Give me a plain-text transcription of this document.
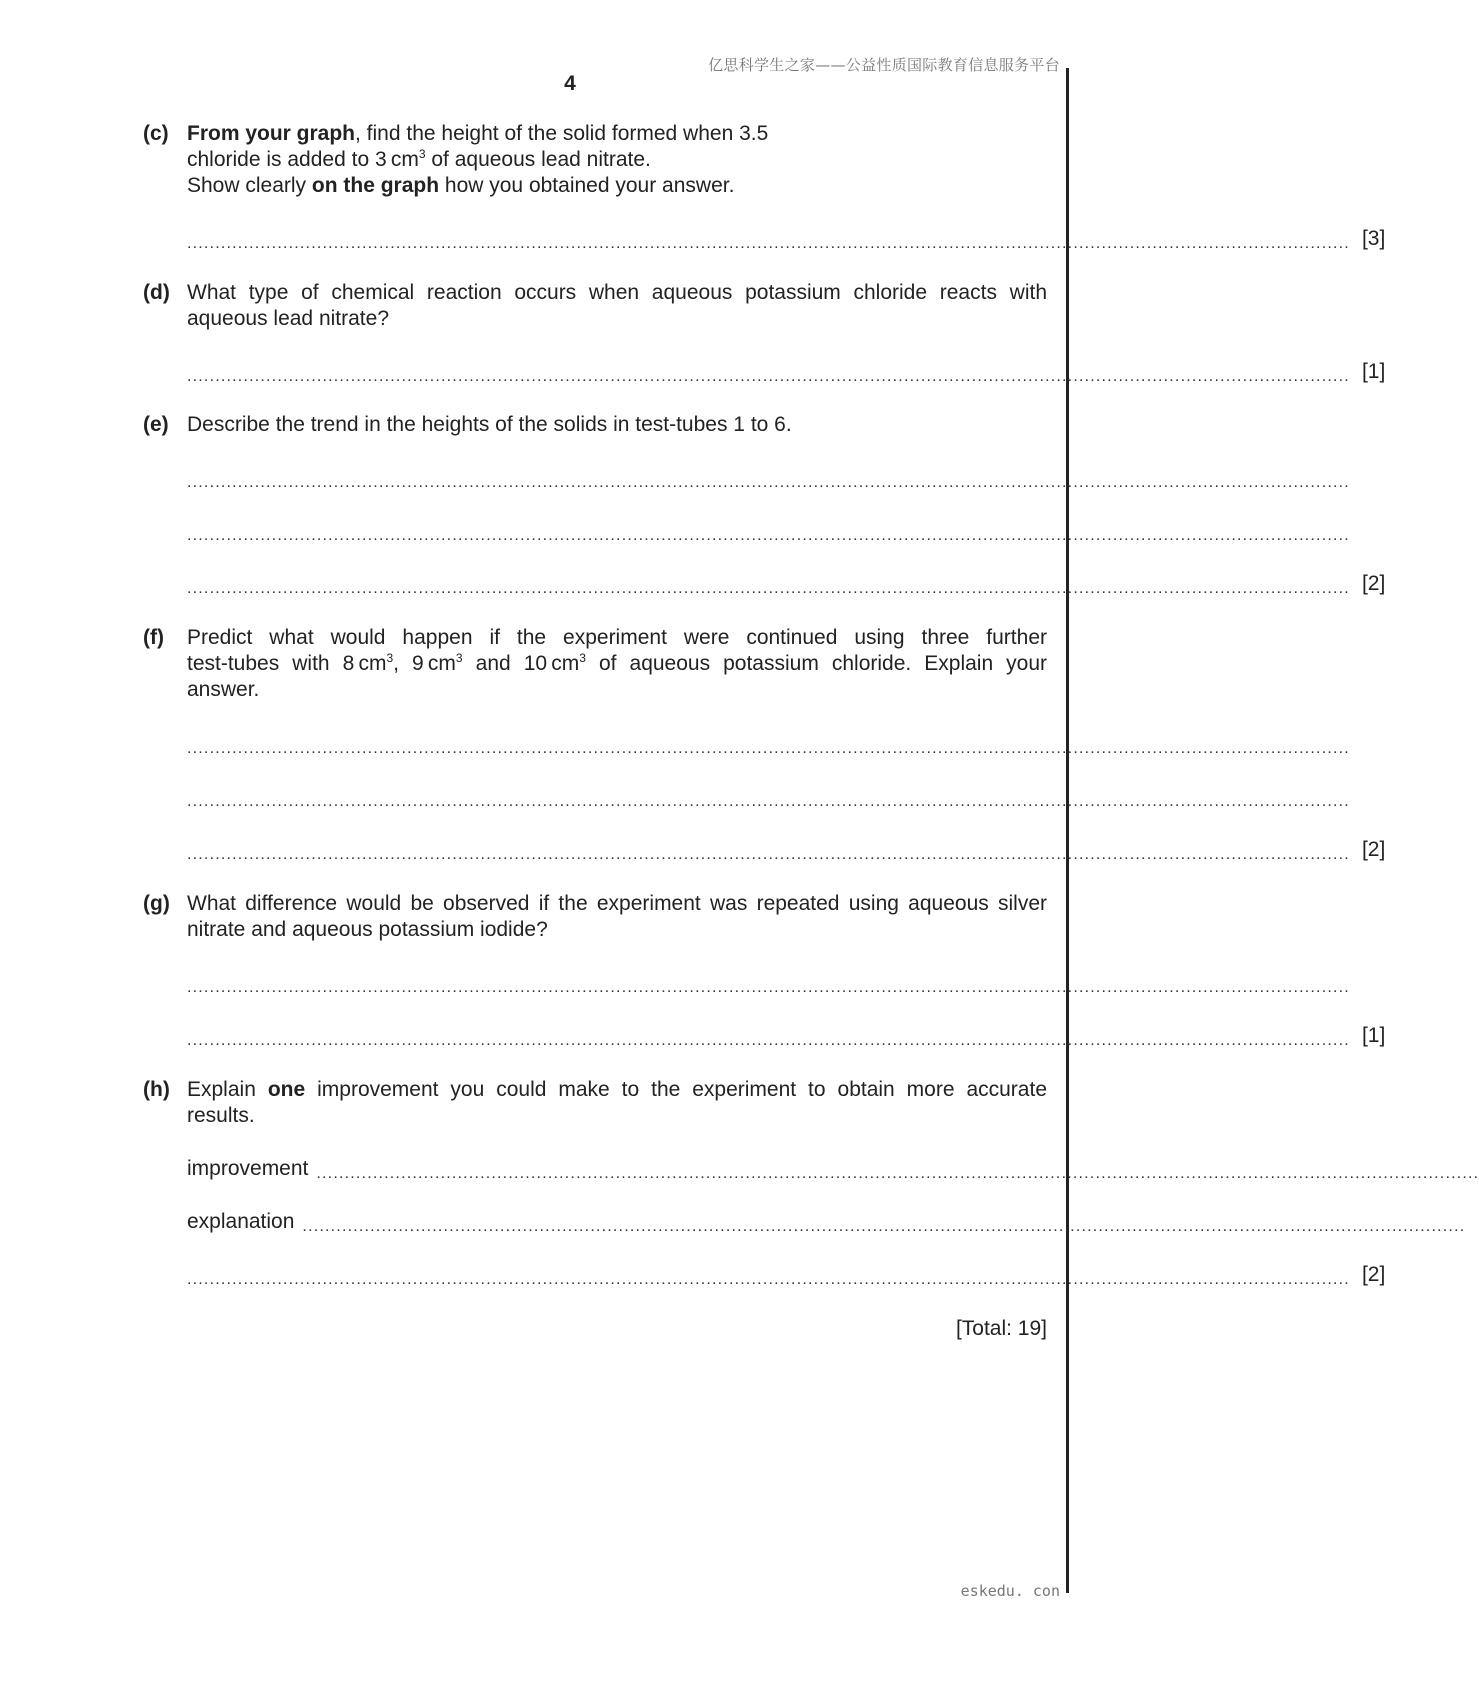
亿思科学生之家——公益性质国际教育信息服务平台
4
(c) From your graph, find the height of the solid formed when 3.5
chloride is added to 3 $cm^3$ of aqueous lead nitrate.
Show clearly on the graph how you obtained your answer.
.............................................................................................................................................................................................................. [3]
(d) What type of chemical reaction occurs when aqueous potassium chloride reacts with
aqueous lead nitrate?
.............................................................................................................................................................................................................. [1]
(e) Describe the trend in the heights of the solids in test-tubes 1 to 6.
..............................................................................................................................................................................................................
..............................................................................................................................................................................................................
.............................................................................................................................................................................................................. [2]
(f)	Predict what would happen if the experiment were continued using three further
test-tubes with 8 $cm^3$, 9 $cm^3$ and 10 $cm^3$ of aqueous potassium chloride. Explain your
answer.
..............................................................................................................................................................................................................
..............................................................................................................................................................................................................
.............................................................................................................................................................................................................. [2]
(g) What difference would be observed if the experiment was repeated using aqueous silver
nitrate and aqueous potassium iodide?
..............................................................................................................................................................................................................
.............................................................................................................................................................................................................. [1]
(h) Explain one improvement you could make to the experiment to obtain more accurate
results.
improvement ..............................................................................................................................................................................................................
explanation ..............................................................................................................................................................................................................
.............................................................................................................................................................................................................. [2]
[Total: 19]
eskedu. con
